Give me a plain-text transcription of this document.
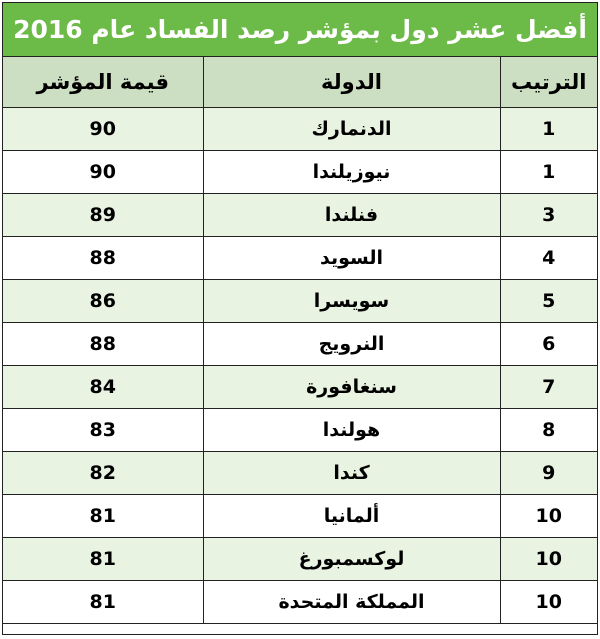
أفضل عشر دول بمؤشر رصد الفساد عام 2016
الترتيب	الدولة	قيمة المؤشر
1	الدنمارك	90
1	نيوزيلندا	90
3	فنلندا	89
4	السويد	88
5	سويسرا	86
6	النرويج	88
7	سنغافورة	84
8	هولندا	83
9	كندا	82
10	ألمانيا	81
10	لوكسمبورغ	81
10	المملكة المتحدة	81
